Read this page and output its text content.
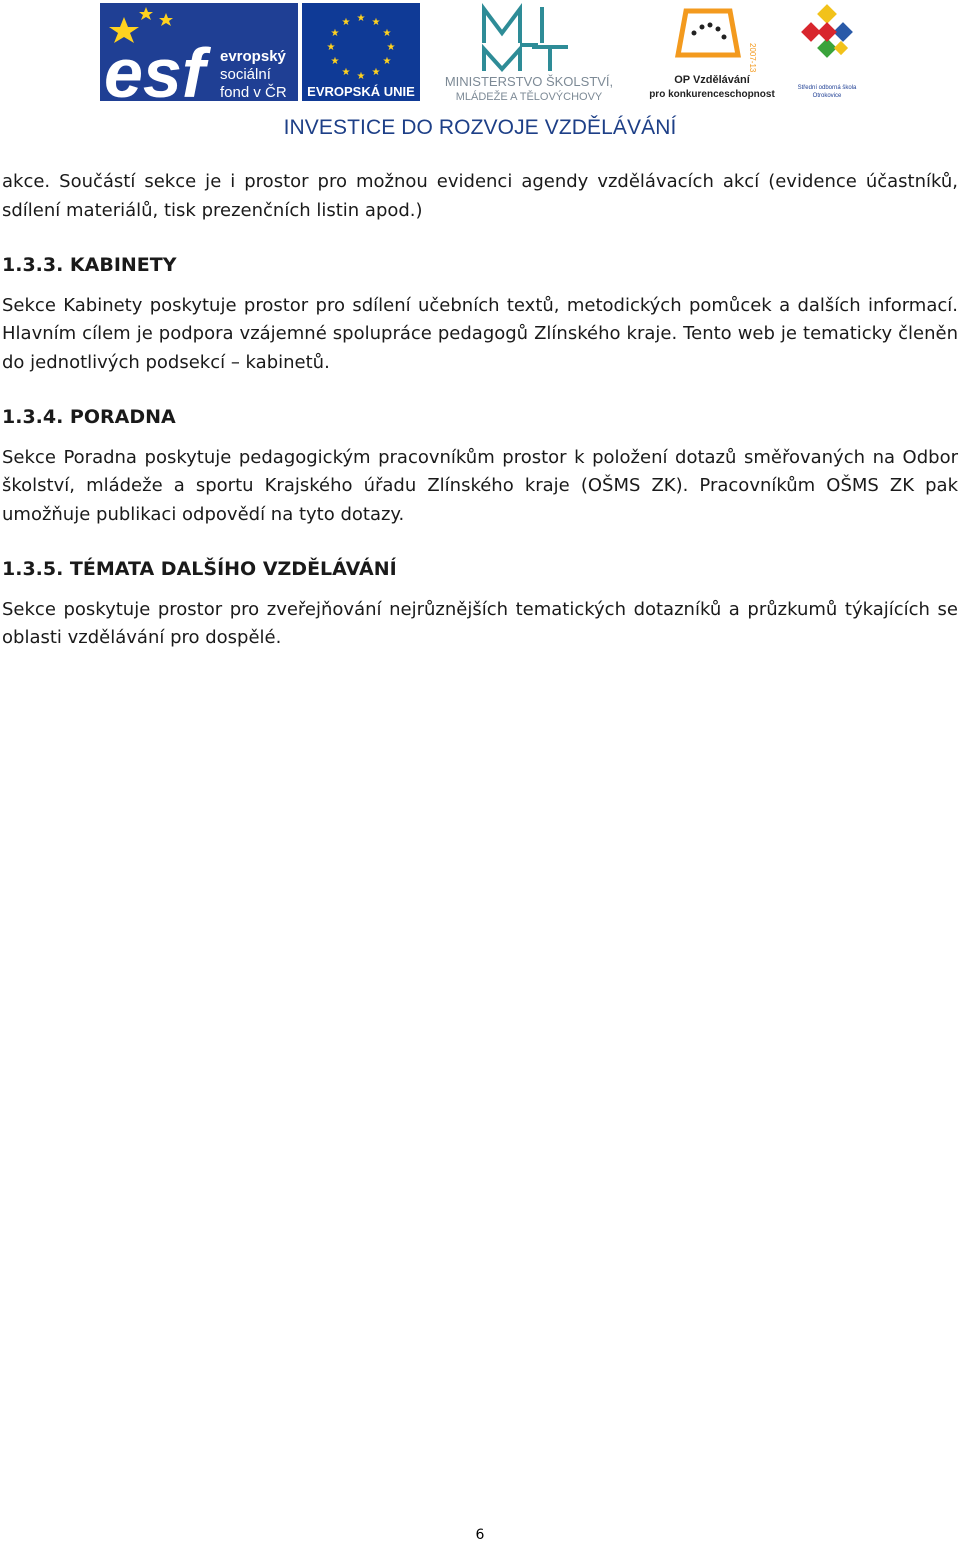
esf evropský
sociální
fond v ČR
★ ★
★
★
★
★
★
★
★
★
★
★
EVROPSKÁ UNIE
MINISTERSTVO ŠKOLSTVÍ,
MLÁDEŽE A TĚLOVÝCHOVY
2007-13
OP Vzdělávání
pro konkurenceschopnost
Střední odborná škola
Otrokovice
INVESTICE DO ROZVOJE VZDĚLÁVÁNÍ

akce. Součástí sekce je i prostor pro možnou evidenci agendy vzdělávacích akcí (evidence účastníků, sdílení materiálů, tisk prezenčních listin apod.)

1.3.3. KABINETY

Sekce Kabinety poskytuje prostor pro sdílení učebních textů, metodických pomůcek a dalších informací. Hlavním cílem je podpora vzájemné spolupráce pedagogů Zlínského kraje. Tento web je tematicky členěn do jednotlivých podsekcí – kabinetů.

1.3.4. PORADNA

Sekce Poradna poskytuje pedagogickým pracovníkům prostor k položení dotazů směřovaných na Odbor školství, mládeže a sportu Krajského úřadu Zlínského kraje (OŠMS ZK). Pracovníkům OŠMS ZK pak umožňuje publikaci odpovědí na tyto dotazy.

1.3.5. TÉMATA DALŠÍHO VZDĚLÁVÁNÍ

Sekce poskytuje prostor pro zveřejňování nejrůznějších tematických dotazníků a průzkumů týkajících se oblasti vzdělávání pro dospělé.

6
